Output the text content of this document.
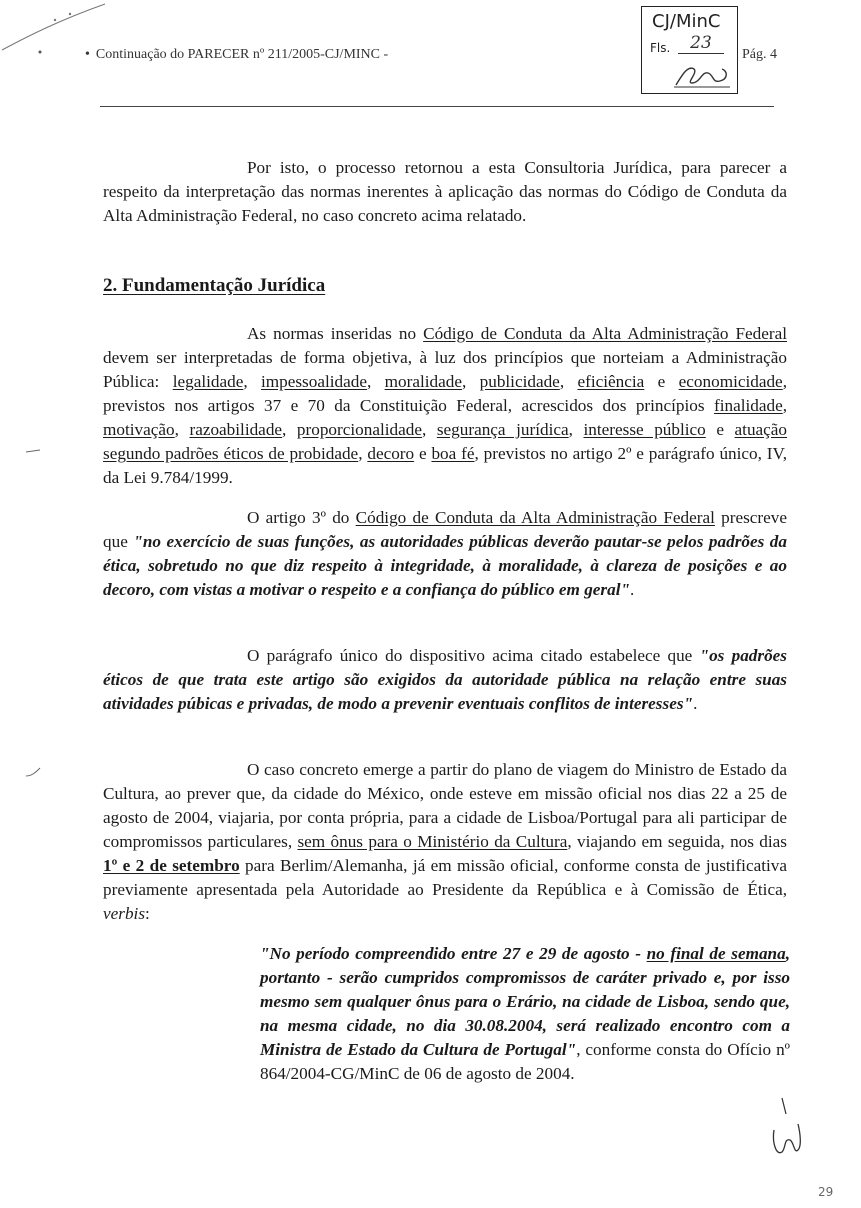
• Continuação do PARECER nº 211/2005-CJ/MINC -	Pág. 4
CJ/MinC
Fls.	23
Por isto, o processo retornou a esta Consultoria Jurídica, para parecer a respeito da interpretação das normas inerentes à aplicação das normas do Código de Conduta da Alta Administração Federal, no caso concreto acima relatado.
2. Fundamentação Jurídica
As normas inseridas no Código de Conduta da Alta Administração Federal devem ser interpretadas de forma objetiva, à luz dos princípios que norteiam a Administração Pública: legalidade, impessoalidade, moralidade, publicidade, eficiência e economicidade, previstos nos artigos 37 e 70 da Constituição Federal, acrescidos dos princípios finalidade, motivação, razoabilidade, proporcionalidade, segurança jurídica, interesse público e atuação segundo padrões éticos de probidade, decoro e boa fé, previstos no artigo 2º e parágrafo único, IV, da Lei 9.784/1999.
O artigo 3º do Código de Conduta da Alta Administração Federal prescreve que "no exercício de suas funções, as autoridades públicas deverão pautar-se pelos padrões da ética, sobretudo no que diz respeito à integridade, à moralidade, à clareza de posições e ao decoro, com vistas a motivar o respeito e a confiança do público em geral".
O parágrafo único do dispositivo acima citado estabelece que "os padrões éticos de que trata este artigo são exigidos da autoridade pública na relação entre suas atividades púbicas e privadas, de modo a prevenir eventuais conflitos de interesses".
O caso concreto emerge a partir do plano de viagem do Ministro de Estado da Cultura, ao prever que, da cidade do México, onde esteve em missão oficial nos dias 22 a 25 de agosto de 2004, viajaria, por conta própria, para a cidade de Lisboa/Portugal para ali participar de compromissos particulares, sem ônus para o Ministério da Cultura, viajando em seguida, nos dias 1º e 2 de setembro para Berlim/Alemanha, já em missão oficial, conforme consta de justificativa previamente apresentada pela Autoridade ao Presidente da República e à Comissão de Ética, verbis:
"No período compreendido entre 27 e 29 de agosto - no final de semana, portanto - serão cumpridos compromissos de caráter privado e, por isso mesmo sem qualquer ônus para o Erário, na cidade de Lisboa, sendo que, na mesma cidade, no dia 30.08.2004, será realizado encontro com a Ministra de Estado da Cultura de Portugal", conforme consta do Ofício nº 864/2004-CG/MinC de 06 de agosto de 2004.
29
